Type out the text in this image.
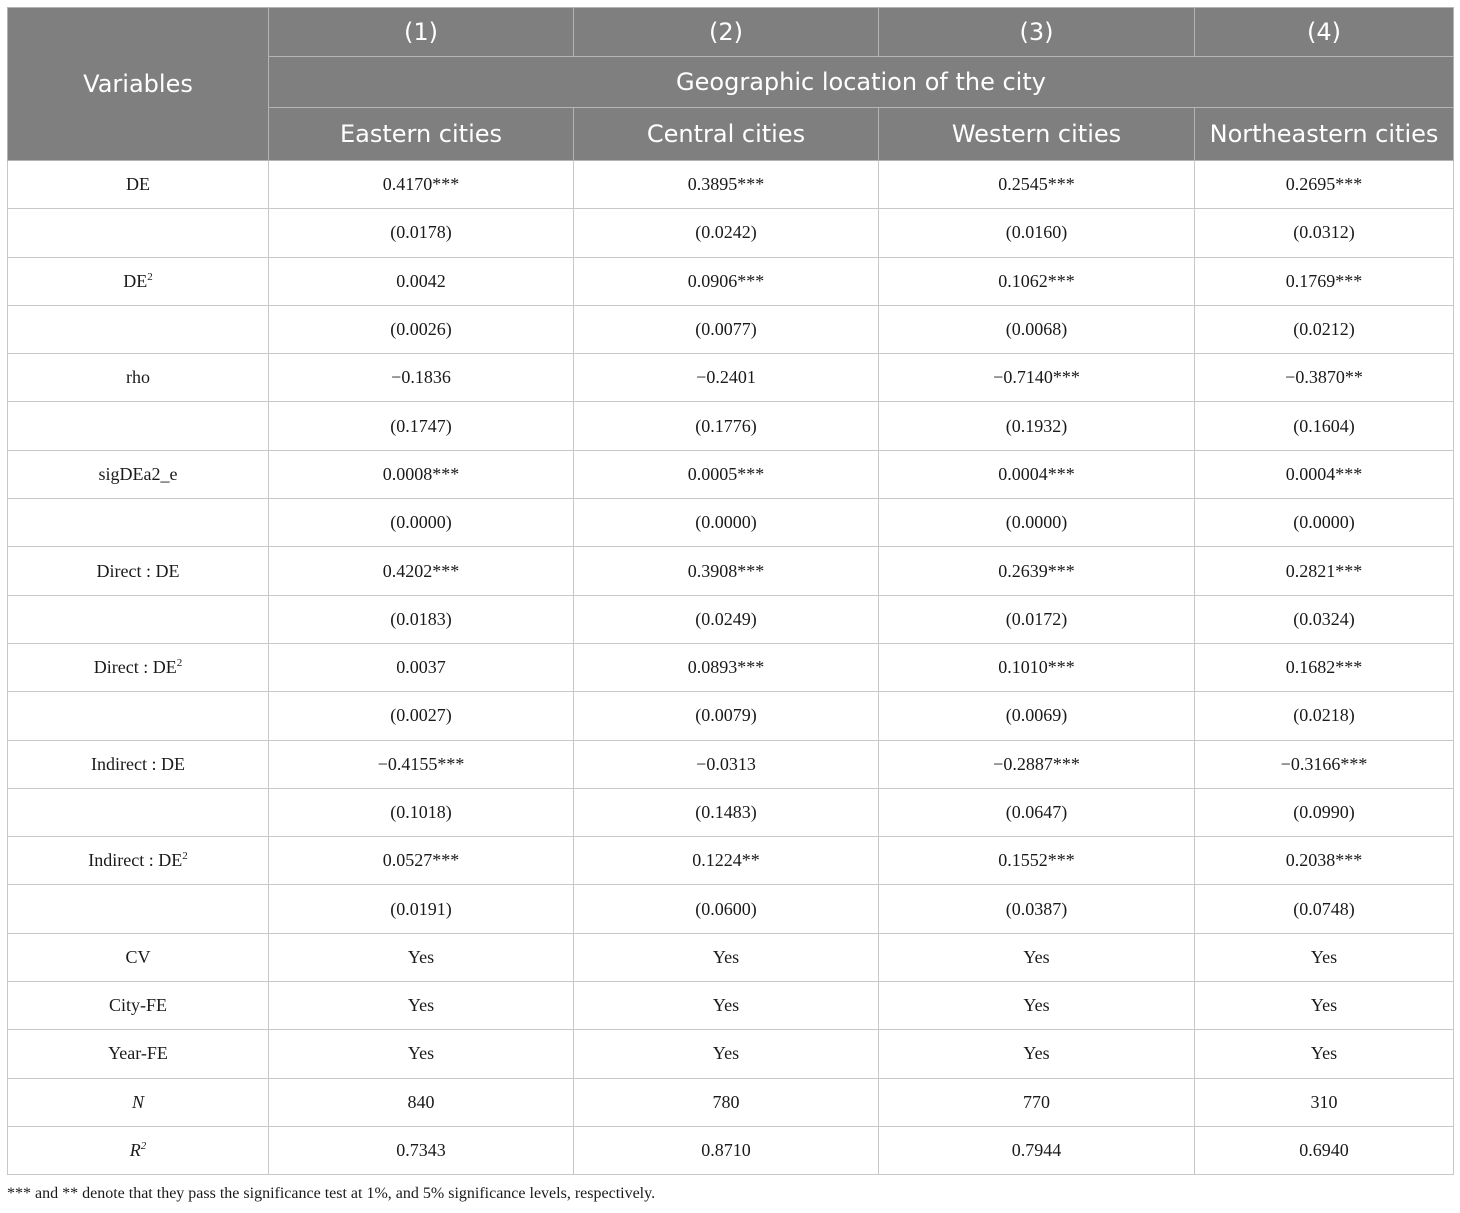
Variables	(1)	(2)	(3)	(4)
	Geographic location of the city			
	Eastern cities	Central cities	Western cities	Northeastern cities
DE	0.4170***	0.3895***	0.2545***	0.2695***
	(0.0178)	(0.0242)	(0.0160)	(0.0312)
$DE^2$	0.0042	0.0906***	0.1062***	0.1769***
	(0.0026)	(0.0077)	(0.0068)	(0.0212)
rho	−0.1836	−0.2401	−0.7140***	−0.3870**
	(0.1747)	(0.1776)	(0.1932)	(0.1604)
sigDEa2_e	0.0008***	0.0005***	0.0004***	0.0004***
	(0.0000)	(0.0000)	(0.0000)	(0.0000)
Direct : DE	0.4202***	0.3908***	0.2639***	0.2821***
	(0.0183)	(0.0249)	(0.0172)	(0.0324)
Direct : $DE^2$	0.0037	0.0893***	0.1010***	0.1682***
	(0.0027)	(0.0079)	(0.0069)	(0.0218)
Indirect : DE	−0.4155***	−0.0313	−0.2887***	−0.3166***
	(0.1018)	(0.1483)	(0.0647)	(0.0990)
Indirect : $DE^2$	0.0527***	0.1224**	0.1552***	0.2038***
	(0.0191)	(0.0600)	(0.0387)	(0.0748)
CV	Yes	Yes	Yes	Yes
City-FE	Yes	Yes	Yes	Yes
Year-FE	Yes	Yes	Yes	Yes
N	840	780	770	310
$R^2$	0.7343	0.8710	0.7944	0.6940
*** and ** denote that they pass the significance test at 1%, and 5% significance levels, respectively.
